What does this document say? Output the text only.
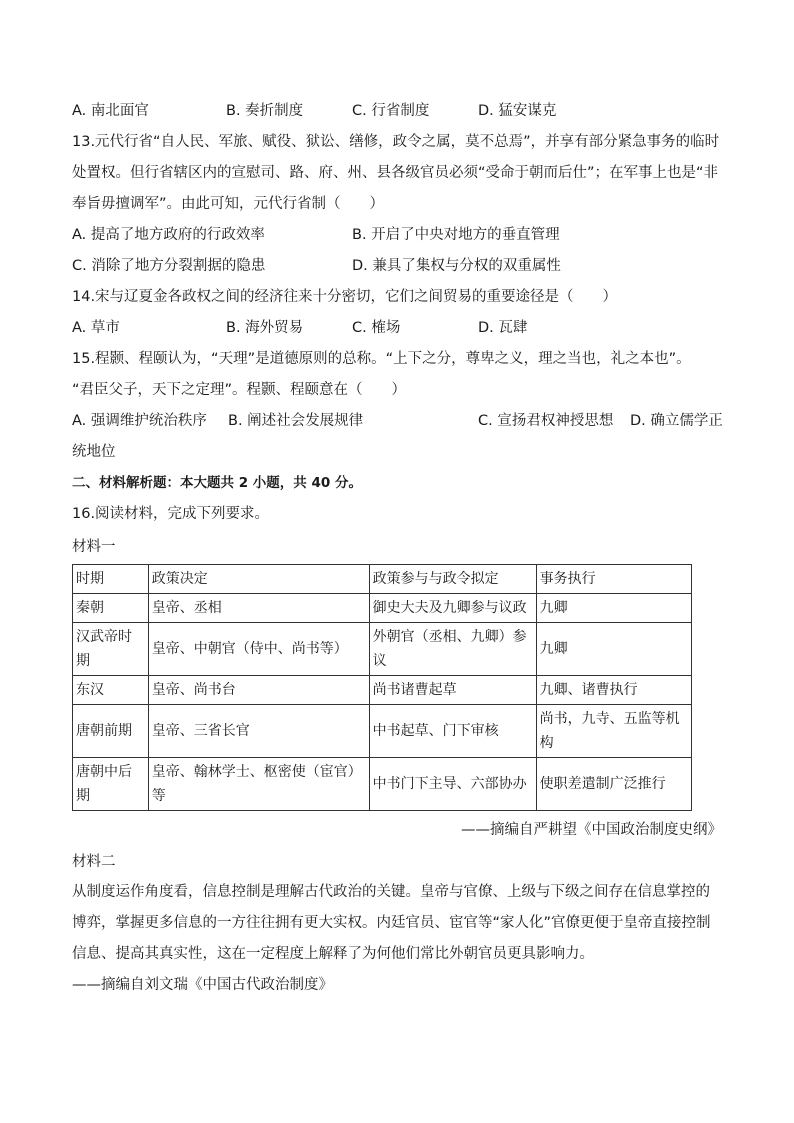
A. 南北面官	B. 奏折制度	C. 行省制度	D. 猛安谋克
13.元代行省“自人民、军旅、赋役、狱讼、缮修，政令之属，莫不总焉”，并享有部分紧急事务的临时
处置权。但行省辖区内的宣慰司、路、府、州、县各级官员必须“受命于朝而后仕”；在军事上也是“非
奉旨毋擅调军”。由此可知，元代行省制（　　）
A. 提高了地方政府的行政效率	B. 开启了中央对地方的垂直管理
C. 消除了地方分裂割据的隐患	D. 兼具了集权与分权的双重属性
14.宋与辽夏金各政权之间的经济往来十分密切，它们之间贸易的重要途径是（　　）
A. 草市	B. 海外贸易	C. 榷场	D. 瓦肆
15.程颢、程颐认为，“天理”是道德原则的总称。“上下之分，尊卑之义，理之当也，礼之本也”。
“君臣父子，天下之定理”。程颢、程颐意在（　　）
A. 强调维护统治秩序	B. 阐述社会发展规律	C. 宣扬君权神授思想	D. 确立儒学正
统地位
二、材料解析题：本大题共 2 小题，共 40 分。
16.阅读材料，完成下列要求。
材料一
时期	政策决定	政策参与与政令拟定	事务执行
秦朝	皇帝、丞相	御史大夫及九卿参与议政	九卿
汉武帝时期	皇帝、中朝官（侍中、尚书等）	外朝官（丞相、九卿）参议	九卿
东汉	皇帝、尚书台	尚书诸曹起草	九卿、诸曹执行
唐朝前期	皇帝、三省长官	中书起草、门下审核	尚书，九寺、五监等机构
唐朝中后期	皇帝、翰林学士、枢密使（宦官）等	中书门下主导、六部协办	使职差遣制广泛推行
——摘编自严耕望《中国政治制度史纲》
材料二

从制度运作角度看，信息控制是理解古代政治的关键。皇帝与官僚、上级与下级之间存在信息掌控的博弈，掌握更多信息的一方往往拥有更大实权。内廷官员、宦官等“家人化”官僚更便于皇帝直接控制信息、提高其真实性，这在一定程度上解释了为何他们常比外朝官员更具影响力。

——摘编自刘文瑞《中国古代政治制度》
